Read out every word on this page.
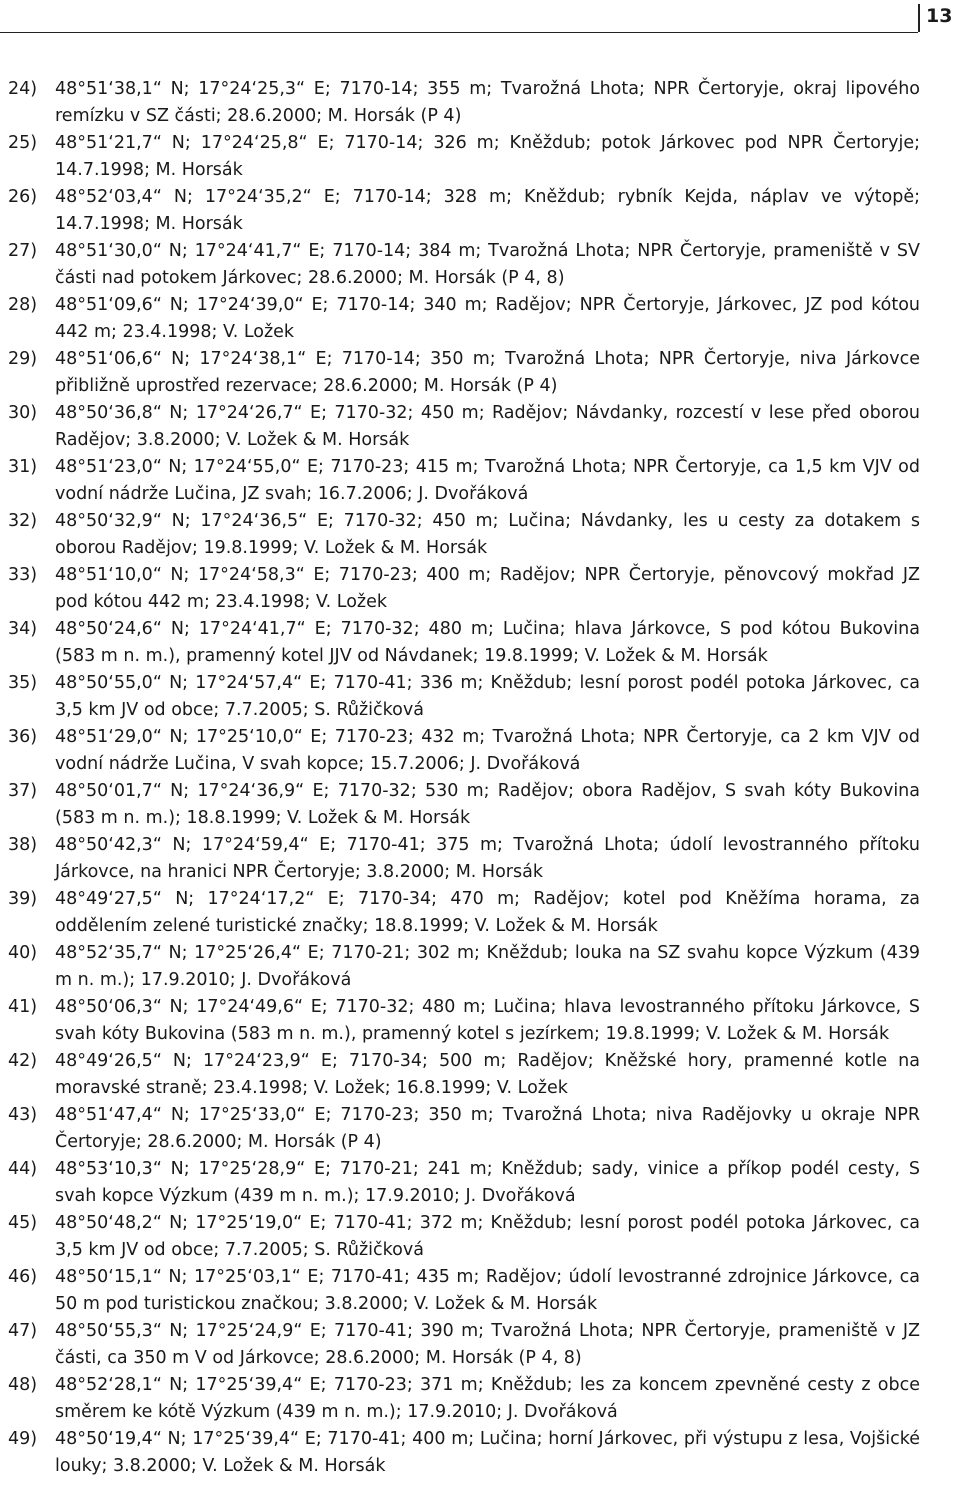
13
24)	48°51‘38,1“ N; 17°24‘25,3“ E; 7170-14; 355 m; Tvarožná Lhota; NPR Čertoryje, okraj lipového remízku v SZ části; 28.6.2000; M. Horsák (P 4)
25)	48°51‘21,7“ N; 17°24‘25,8“ E; 7170-14; 326 m; Kněždub; potok Járkovec pod NPR Čertoryje; 14.7.1998; M. Horsák
26)	48°52‘03,4“ N; 17°24‘35,2“ E; 7170-14; 328 m; Kněždub; rybník Kejda, náplav ve výtopě; 14.7.1998; M. Horsák
27)	48°51‘30,0“ N; 17°24‘41,7“ E; 7170-14; 384 m; Tvarožná Lhota; NPR Čertoryje, prameniště v SV části nad potokem Járkovec; 28.6.2000; M. Horsák (P 4, 8)
28)	48°51‘09,6“ N; 17°24‘39,0“ E; 7170-14; 340 m; Radějov; NPR Čertoryje, Járkovec, JZ pod kótou 442 m; 23.4.1998; V. Ložek
29)	48°51‘06,6“ N; 17°24‘38,1“ E; 7170-14; 350 m; Tvarožná Lhota; NPR Čertoryje, niva Járkovce přibližně uprostřed rezervace; 28.6.2000; M. Horsák (P 4)
30)	48°50‘36,8“ N; 17°24‘26,7“ E; 7170-32; 450 m; Radějov; Návdanky, rozcestí v lese před oborou Radějov; 3.8.2000; V. Ložek & M. Horsák
31)	48°51‘23,0“ N; 17°24‘55,0“ E; 7170-23; 415 m; Tvarožná Lhota; NPR Čertoryje, ca 1,5 km VJV od vodní nádrže Lučina, JZ svah; 16.7.2006; J. Dvořáková
32)	48°50‘32,9“ N; 17°24‘36,5“ E; 7170-32; 450 m; Lučina; Návdanky, les u cesty za dotakem s oborou Radějov; 19.8.1999; V. Ložek & M. Horsák
33)	48°51‘10,0“ N; 17°24‘58,3“ E; 7170-23; 400 m; Radějov; NPR Čertoryje, pěnovcový mokřad JZ pod kótou 442 m; 23.4.1998; V. Ložek
34)	48°50‘24,6“ N; 17°24‘41,7“ E; 7170-32; 480 m; Lučina; hlava Járkovce, S pod kótou Bukovina (583 m n. m.), pramenný kotel JJV od Návdanek; 19.8.1999; V. Ložek & M. Horsák
35)	48°50‘55,0“ N; 17°24‘57,4“ E; 7170-41; 336 m; Kněždub; lesní porost podél potoka Járkovec, ca 3,5 km JV od obce; 7.7.2005; S. Růžičková
36)	48°51‘29,0“ N; 17°25‘10,0“ E; 7170-23; 432 m; Tvarožná Lhota; NPR Čertoryje, ca 2 km VJV od vodní nádrže Lučina, V svah kopce; 15.7.2006; J. Dvořáková
37)	48°50‘01,7“ N; 17°24‘36,9“ E; 7170-32; 530 m; Radějov; obora Radějov, S svah kóty Bukovina (583 m n. m.); 18.8.1999; V. Ložek & M. Horsák
38)	48°50‘42,3“ N; 17°24‘59,4“ E; 7170-41; 375 m; Tvarožná Lhota; údolí levostranného přítoku Járkovce, na hranici NPR Čertoryje; 3.8.2000; M. Horsák
39)	48°49‘27,5“ N; 17°24‘17,2“ E; 7170-34; 470 m; Radějov; kotel pod Kněžíma horama, za oddělením zelené turistické značky; 18.8.1999; V. Ložek & M. Horsák
40)	48°52‘35,7“ N; 17°25‘26,4“ E; 7170-21; 302 m; Kněždub; louka na SZ svahu kopce Výzkum (439 m n. m.); 17.9.2010; J. Dvořáková
41)	48°50‘06,3“ N; 17°24‘49,6“ E; 7170-32; 480 m; Lučina; hlava levostranného přítoku Járkovce, S svah kóty Bukovina (583 m n. m.), pramenný kotel s jezírkem; 19.8.1999; V. Ložek & M. Horsák
42)	48°49‘26,5“ N; 17°24‘23,9“ E; 7170-34; 500 m; Radějov; Kněžské hory, pramenné kotle na moravské straně; 23.4.1998; V. Ložek; 16.8.1999; V. Ložek
43)	48°51‘47,4“ N; 17°25‘33,0“ E; 7170-23; 350 m; Tvarožná Lhota; niva Radějovky u okraje NPR Čertoryje; 28.6.2000; M. Horsák (P 4)
44)	48°53‘10,3“ N; 17°25‘28,9“ E; 7170-21; 241 m; Kněždub; sady, vinice a příkop podél cesty, S svah kopce Výzkum (439 m n. m.); 17.9.2010; J. Dvořáková
45)	48°50‘48,2“ N; 17°25‘19,0“ E; 7170-41; 372 m; Kněždub; lesní porost podél potoka Járkovec, ca 3,5 km JV od obce; 7.7.2005; S. Růžičková
46)	48°50‘15,1“ N; 17°25‘03,1“ E; 7170-41; 435 m; Radějov; údolí levostranné zdrojnice Járkovce, ca 50 m pod turistickou značkou; 3.8.2000; V. Ložek & M. Horsák
47)	48°50‘55,3“ N; 17°25‘24,9“ E; 7170-41; 390 m; Tvarožná Lhota; NPR Čertoryje, prameniště v JZ části, ca 350 m V od Járkovce; 28.6.2000; M. Horsák (P 4, 8)
48)	48°52‘28,1“ N; 17°25‘39,4“ E; 7170-23; 371 m; Kněždub; les za koncem zpevněné cesty z obce směrem ke kótě Výzkum (439 m n. m.); 17.9.2010; J. Dvořáková
49)	48°50‘19,4“ N; 17°25‘39,4“ E; 7170-41; 400 m; Lučina; horní Járkovec, při výstupu z lesa, Vojšické louky; 3.8.2000; V. Ložek & M. Horsák
